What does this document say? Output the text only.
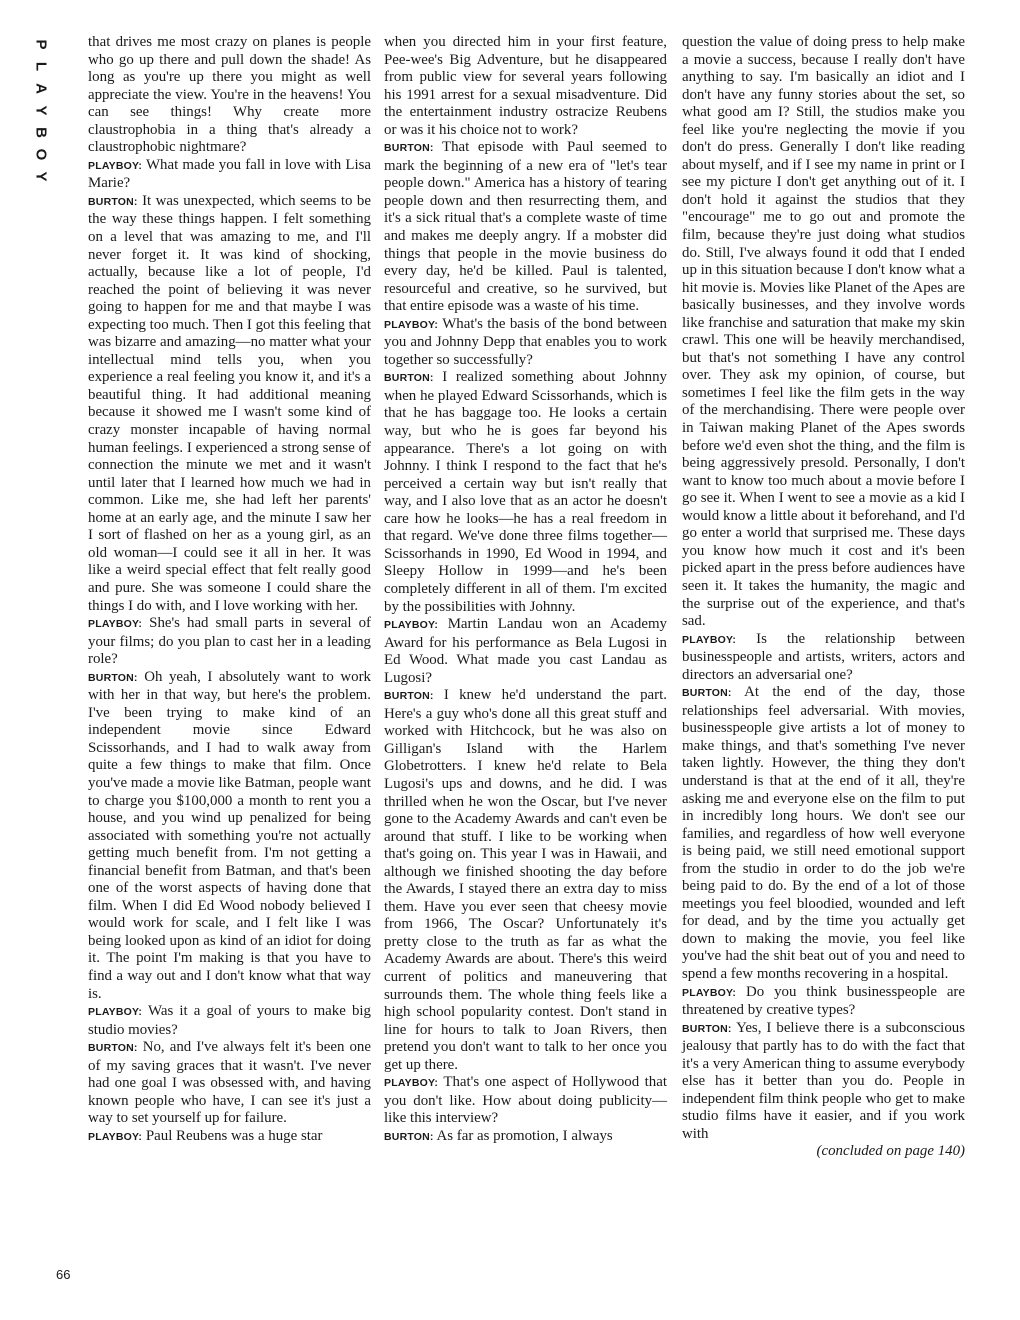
P
L
A
Y
B
O
Y

that drives me most crazy on planes is people who go up there and pull down the shade! As long as you're up there you might as well appreciate the view. You're in the heavens! You can see things! Why create more claustrophobia in a thing that's already a claustrophobic nightmare?

PLAYBOY: What made you fall in love with Lisa Marie?

BURTON: It was unexpected, which seems to be the way these things happen. I felt something on a level that was amazing to me, and I'll never forget it. It was kind of shocking, actually, because like a lot of people, I'd reached the point of believing it was never going to happen for me and that maybe I was expecting too much. Then I got this feeling that was bizarre and amazing—no matter what your intellectual mind tells you, when you experience a real feeling you know it, and it's a beautiful thing. It had additional meaning because it showed me I wasn't some kind of crazy monster incapable of having normal human feelings. I experienced a strong sense of connection the minute we met and it wasn't until later that I learned how much we had in common. Like me, she had left her parents' home at an early age, and the minute I saw her I sort of flashed on her as a young girl, as an old woman—I could see it all in her. It was like a weird special effect that felt really good and pure. She was someone I could share the things I do with, and I love working with her.

PLAYBOY: She's had small parts in several of your films; do you plan to cast her in a leading role?

BURTON: Oh yeah, I absolutely want to work with her in that way, but here's the problem. I've been trying to make kind of an independent movie since Edward Scissorhands, and I had to walk away from quite a few things to make that film. Once you've made a movie like Batman, people want to charge you $100,000 a month to rent you a house, and you wind up penalized for being associated with something you're not actually getting much benefit from. I'm not getting a financial benefit from Batman, and that's been one of the worst aspects of having done that film. When I did Ed Wood nobody believed I would work for scale, and I felt like I was being looked upon as kind of an idiot for doing it. The point I'm making is that you have to find a way out and I don't know what that way is.

PLAYBOY: Was it a goal of yours to make big studio movies?

BURTON: No, and I've always felt it's been one of my saving graces that it wasn't. I've never had one goal I was obsessed with, and having known people who have, I can see it's just a way to set yourself up for failure.

PLAYBOY: Paul Reubens was a huge star

when you directed him in your first feature, Pee-wee's Big Adventure, but he disappeared from public view for several years following his 1991 arrest for a sexual misadventure. Did the entertainment industry ostracize Reubens or was it his choice not to work?

BURTON: That episode with Paul seemed to mark the beginning of a new era of "let's tear people down." America has a history of tearing people down and then resurrecting them, and it's a sick ritual that's a complete waste of time and makes me deeply angry. If a mobster did things that people in the movie business do every day, he'd be killed. Paul is talented, resourceful and creative, so he survived, but that entire episode was a waste of his time.

PLAYBOY: What's the basis of the bond between you and Johnny Depp that enables you to work together so successfully?

BURTON: I realized something about Johnny when he played Edward Scissorhands, which is that he has baggage too. He looks a certain way, but who he is goes far beyond his appearance. There's a lot going on with Johnny. I think I respond to the fact that he's perceived a certain way but isn't really that way, and I also love that as an actor he doesn't care how he looks—he has a real freedom in that regard. We've done three films together—Scissorhands in 1990, Ed Wood in 1994, and Sleepy Hollow in 1999—and he's been completely different in all of them. I'm excited by the possibilities with Johnny.

PLAYBOY: Martin Landau won an Academy Award for his performance as Bela Lugosi in Ed Wood. What made you cast Landau as Lugosi?

BURTON: I knew he'd understand the part. Here's a guy who's done all this great stuff and worked with Hitchcock, but he was also on Gilligan's Island with the Harlem Globetrotters. I knew he'd relate to Bela Lugosi's ups and downs, and he did. I was thrilled when he won the Oscar, but I've never gone to the Academy Awards and can't even be around that stuff. I like to be working when that's going on. This year I was in Hawaii, and although we finished shooting the day before the Awards, I stayed there an extra day to miss them. Have you ever seen that cheesy movie from 1966, The Oscar? Unfortunately it's pretty close to the truth as far as what the Academy Awards are about. There's this weird current of politics and maneuvering that surrounds them. The whole thing feels like a high school popularity contest. Don't stand in line for hours to talk to Joan Rivers, then pretend you don't want to talk to her once you get up there.

PLAYBOY: That's one aspect of Hollywood that you don't like. How about doing publicity—like this interview?

BURTON: As far as promotion, I always

question the value of doing press to help make a movie a success, because I really don't have anything to say. I'm basically an idiot and I don't have any funny stories about the set, so what good am I? Still, the studios make you feel like you're neglecting the movie if you don't do press. Generally I don't like reading about myself, and if I see my name in print or I see my picture I don't get anything out of it. I don't hold it against the studios that they "encourage" me to go out and promote the film, because they're just doing what studios do. Still, I've always found it odd that I ended up in this situation because I don't know what a hit movie is. Movies like Planet of the Apes are basically businesses, and they involve words like franchise and saturation that make my skin crawl. This one will be heavily merchandised, but that's not something I have any control over. They ask my opinion, of course, but sometimes I feel like the film gets in the way of the merchandising. There were people over in Taiwan making Planet of the Apes swords before we'd even shot the thing, and the film is being aggressively presold. Personally, I don't want to know too much about a movie before I go see it. When I went to see a movie as a kid I would know a little about it beforehand, and I'd go enter a world that surprised me. These days you know how much it cost and it's been picked apart in the press before audiences have seen it. It takes the humanity, the magic and the surprise out of the experience, and that's sad.

PLAYBOY: Is the relationship between businesspeople and artists, writers, actors and directors an adversarial one?

BURTON: At the end of the day, those relationships feel adversarial. With movies, businesspeople give artists a lot of money to make things, and that's something I've never taken lightly. However, the thing they don't understand is that at the end of it all, they're asking me and everyone else on the film to put in incredibly long hours. We don't see our families, and regardless of how well everyone is being paid, we still need emotional support from the studio in order to do the job we're being paid to do. By the end of a lot of those meetings you feel bloodied, wounded and left for dead, and by the time you actually get down to making the movie, you feel like you've had the shit beat out of you and need to spend a few months recovering in a hospital.

PLAYBOY: Do you think businesspeople are threatened by creative types?

BURTON: Yes, I believe there is a subconscious jealousy that partly has to do with the fact that it's a very American thing to assume everybody else has it better than you do. People in independent film think people who get to make studio films have it easier, and if you work with

(concluded on page 140)

66
